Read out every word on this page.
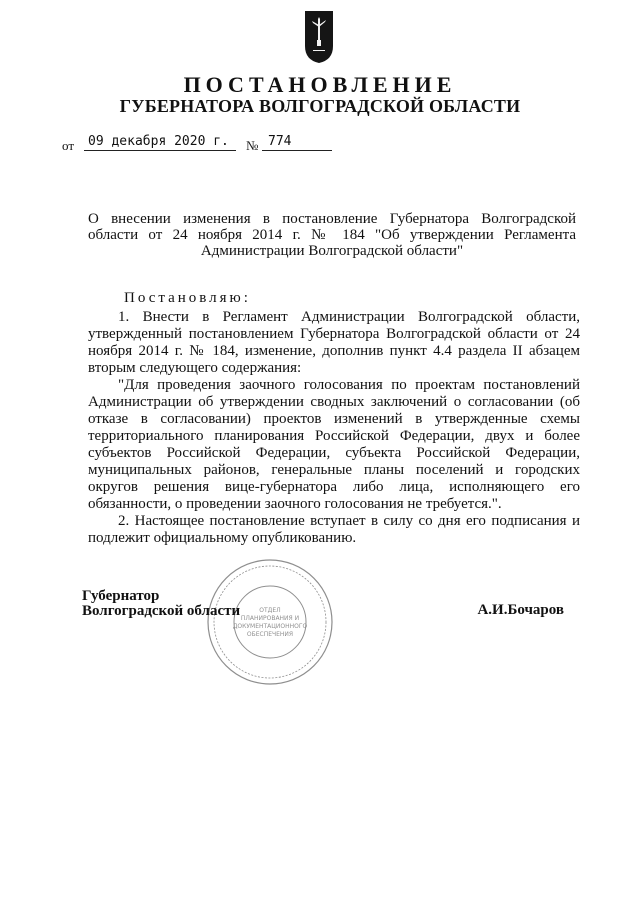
ПОСТАНОВЛЕНИЕ
ГУБЕРНАТОРА ВОЛГОГРАДСКОЙ ОБЛАСТИ
от	09 декабря 2020 г.	№ 774
О внесении изменения в постановление Губернатора Волгоградской
области от 24 ноября 2014 г. № 184 "Об утверждении Регламента
Администрации Волгоградской области"

Постановляю:

1. Внести в Регламент Администрации Волгоградской области, утвержденный постановлением Губернатора Волгоградской области от 24 ноября 2014 г. № 184, изменение, дополнив пункт 4.4 раздела II абзацем вторым следующего содержания:

"Для проведения заочного голосования по проектам постановлений Администрации об утверждении сводных заключений о согласовании (об отказе в согласовании) проектов изменений в утвержденные схемы территориального планирования Российской Федерации, двух и более субъектов Российской Федерации, субъекта Российской Федерации, муниципальных районов, генеральные планы поселений и городских округов решения вице-губернатора либо лица, исполняющего его обязанности, о проведении заочного голосования не требуется.".

2. Настоящее постановление вступает в силу со дня его подписания и подлежит официальному опубликованию.

ОТДЕЛ
ПЛАНИРОВАНИЯ И
ДОКУМЕНТАЦИОННОГО
ОБЕСПЕЧЕНИЯ
Губернатор
Волгоградской области	А.И.Бочаров
